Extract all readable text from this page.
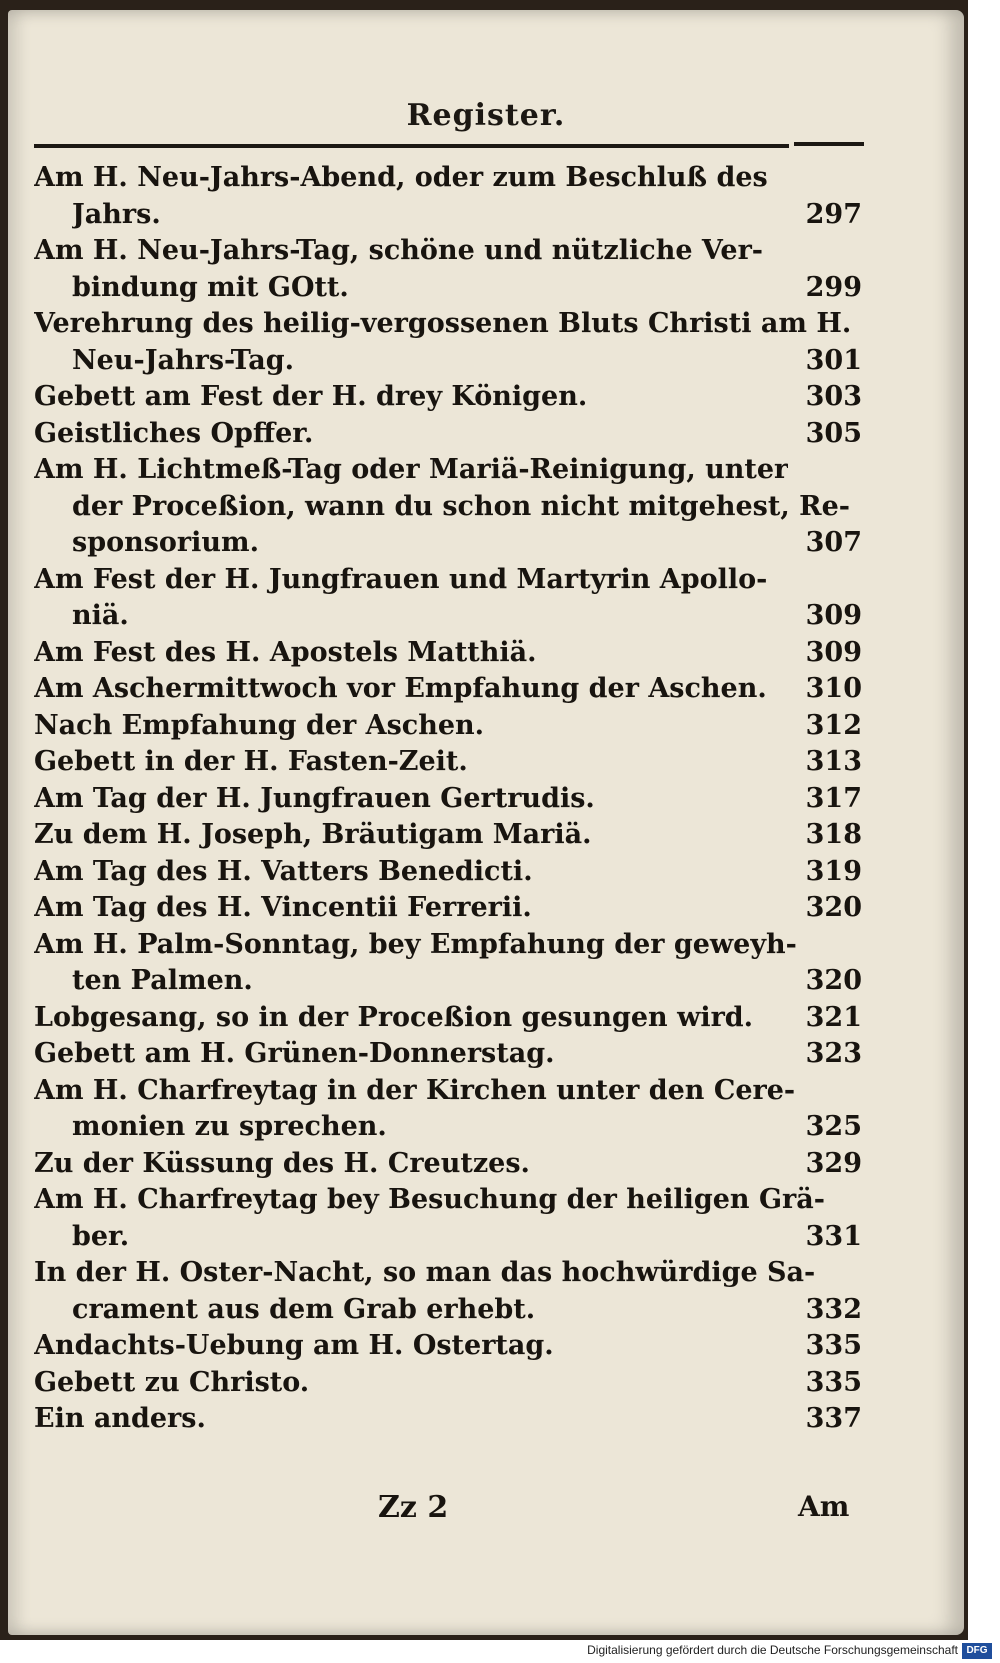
Register.
Am H. Neu-Jahrs-Abend, oder zum Beschluß des
Jahrs.	297
Am H. Neu-Jahrs-Tag, schöne und nützliche Ver-
bindung mit GOtt.	299
Verehrung des heilig-vergossenen Bluts Christi am H.
Neu-Jahrs-Tag.	301
Gebett am Fest der H. drey Königen.	303
Geistliches Opffer.	305
Am H. Lichtmeß-Tag oder Mariä-Reinigung, unter
der Proceßion, wann du schon nicht mitgehest, Re-
sponsorium.	307
Am Fest der H. Jungfrauen und Martyrin Apollo-
niä.	309
Am Fest des H. Apostels Matthiä.	309
Am Aschermittwoch vor Empfahung der Aschen.	310
Nach Empfahung der Aschen.	312
Gebett in der H. Fasten-Zeit.	313
Am Tag der H. Jungfrauen Gertrudis.	317
Zu dem H. Joseph, Bräutigam Mariä.	318
Am Tag des H. Vatters Benedicti.	319
Am Tag des H. Vincentii Ferrerii.	320
Am H. Palm-Sonntag, bey Empfahung der geweyh-
ten Palmen.	320
Lobgesang, so in der Proceßion gesungen wird.	321
Gebett am H. Grünen-Donnerstag.	323
Am H. Charfreytag in der Kirchen unter den Cere-
monien zu sprechen.	325
Zu der Küssung des H. Creutzes.	329
Am H. Charfreytag bey Besuchung der heiligen Grä-
ber.	331
In der H. Oster-Nacht, so man das hochwürdige Sa-
crament aus dem Grab erhebt.	332
Andachts-Uebung am H. Ostertag.	335
Gebett zu Christo.	335
Ein anders.	337
Zz 2	Am
Digitalisierung gefördert durch die Deutsche Forschungsgemeinschaft DFG
